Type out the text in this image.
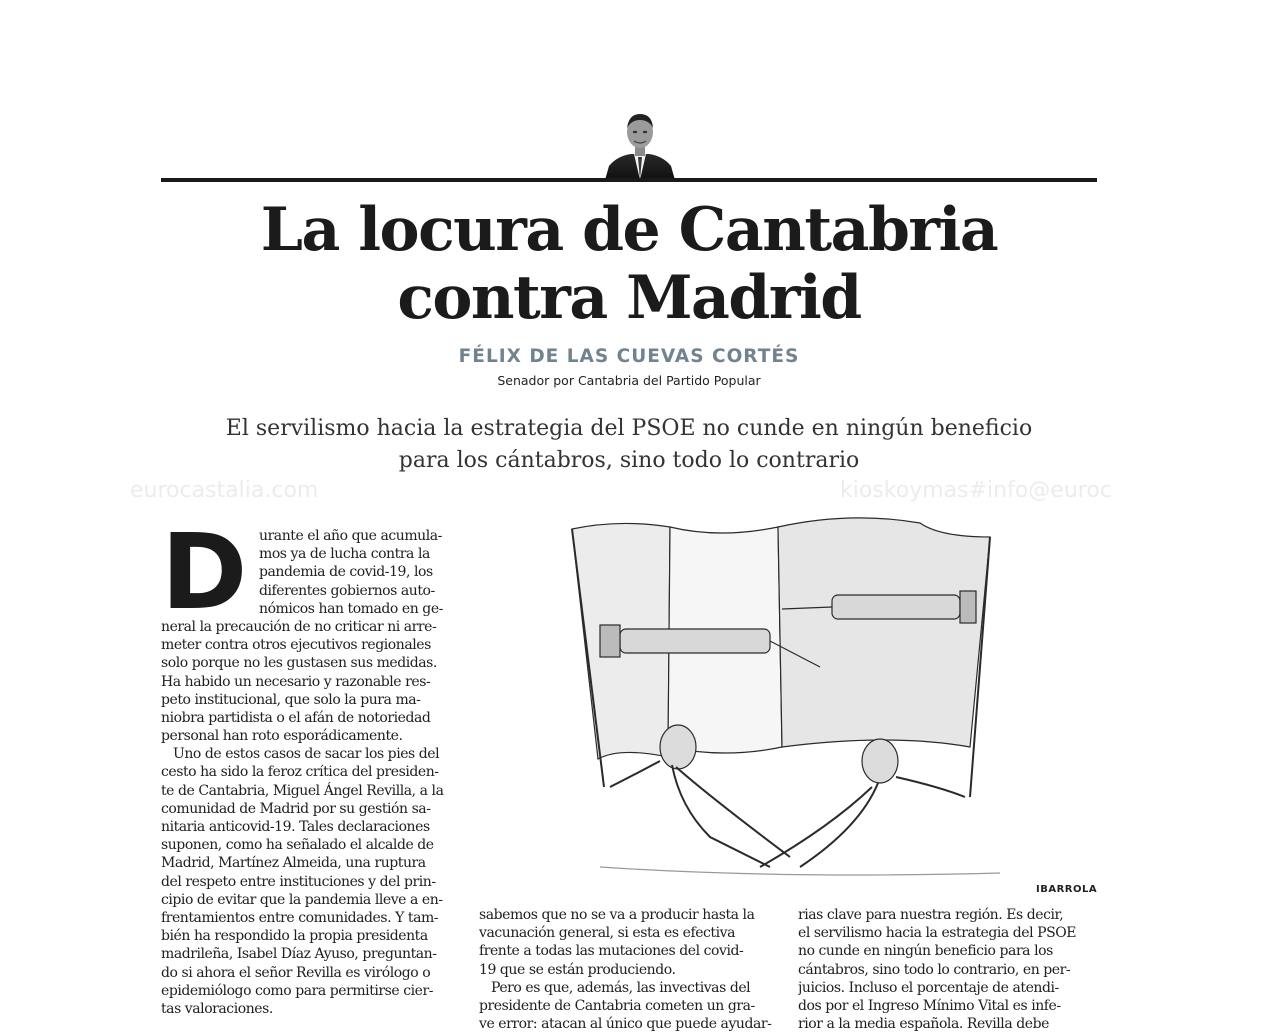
La locura de Cantabria
contra Madrid
FÉLIX DE LAS CUEVAS CORTÉS
Senador por Cantabria del Partido Popular
El servilismo hacia la estrategia del PSOE no cunde en ningún beneficio
para los cántabros, sino todo lo contrario
eurocastalia.com	kioskoymas#info@euroc
D urante el año que acumula-
mos ya de lucha contra la
pandemia de covid-19, los
diferentes gobiernos auto-
nómicos han tomado en ge-
neral la precaución de no criticar ni arre-
meter contra otros ejecutivos regionales
solo porque no les gustasen sus medidas.
Ha habido un necesario y razonable res-
peto institucional, que solo la pura ma-
niobra partidista o el afán de notoriedad
personal han roto esporádicamente.
Uno de estos casos de sacar los pies del
cesto ha sido la feroz crítica del presiden-
te de Cantabria, Miguel Ángel Revilla, a la
comunidad de Madrid por su gestión sa-
nitaria anticovid-19. Tales declaraciones
suponen, como ha señalado el alcalde de
Madrid, Martínez Almeida, una ruptura
del respeto entre instituciones y del prin-
cipio de evitar que la pandemia lleve a en-
frentamientos entre comunidades. Y tam-
bién ha respondido la propia presidenta
madrileña, Isabel Díaz Ayuso, preguntan-
do si ahora el señor Revilla es virólogo o
epidemiólogo como para permitirse cier-
tas valoraciones.
IBARROLA
sabemos que no se va a producir hasta la
vacunación general, si esta es efectiva
frente a todas las mutaciones del covid-
19 que se están produciendo.
Pero es que, además, las invectivas del
presidente de Cantabria cometen un gra-
ve error: atacan al único que puede ayudar-
rias clave para nuestra región. Es decir,
el servilismo hacia la estrategia del PSOE
no cunde en ningún beneficio para los
cántabros, sino todo lo contrario, en per-
juicios. Incluso el porcentaje de atendi-
dos por el Ingreso Mínimo Vital es infe-
rior a la media española. Revilla debe
